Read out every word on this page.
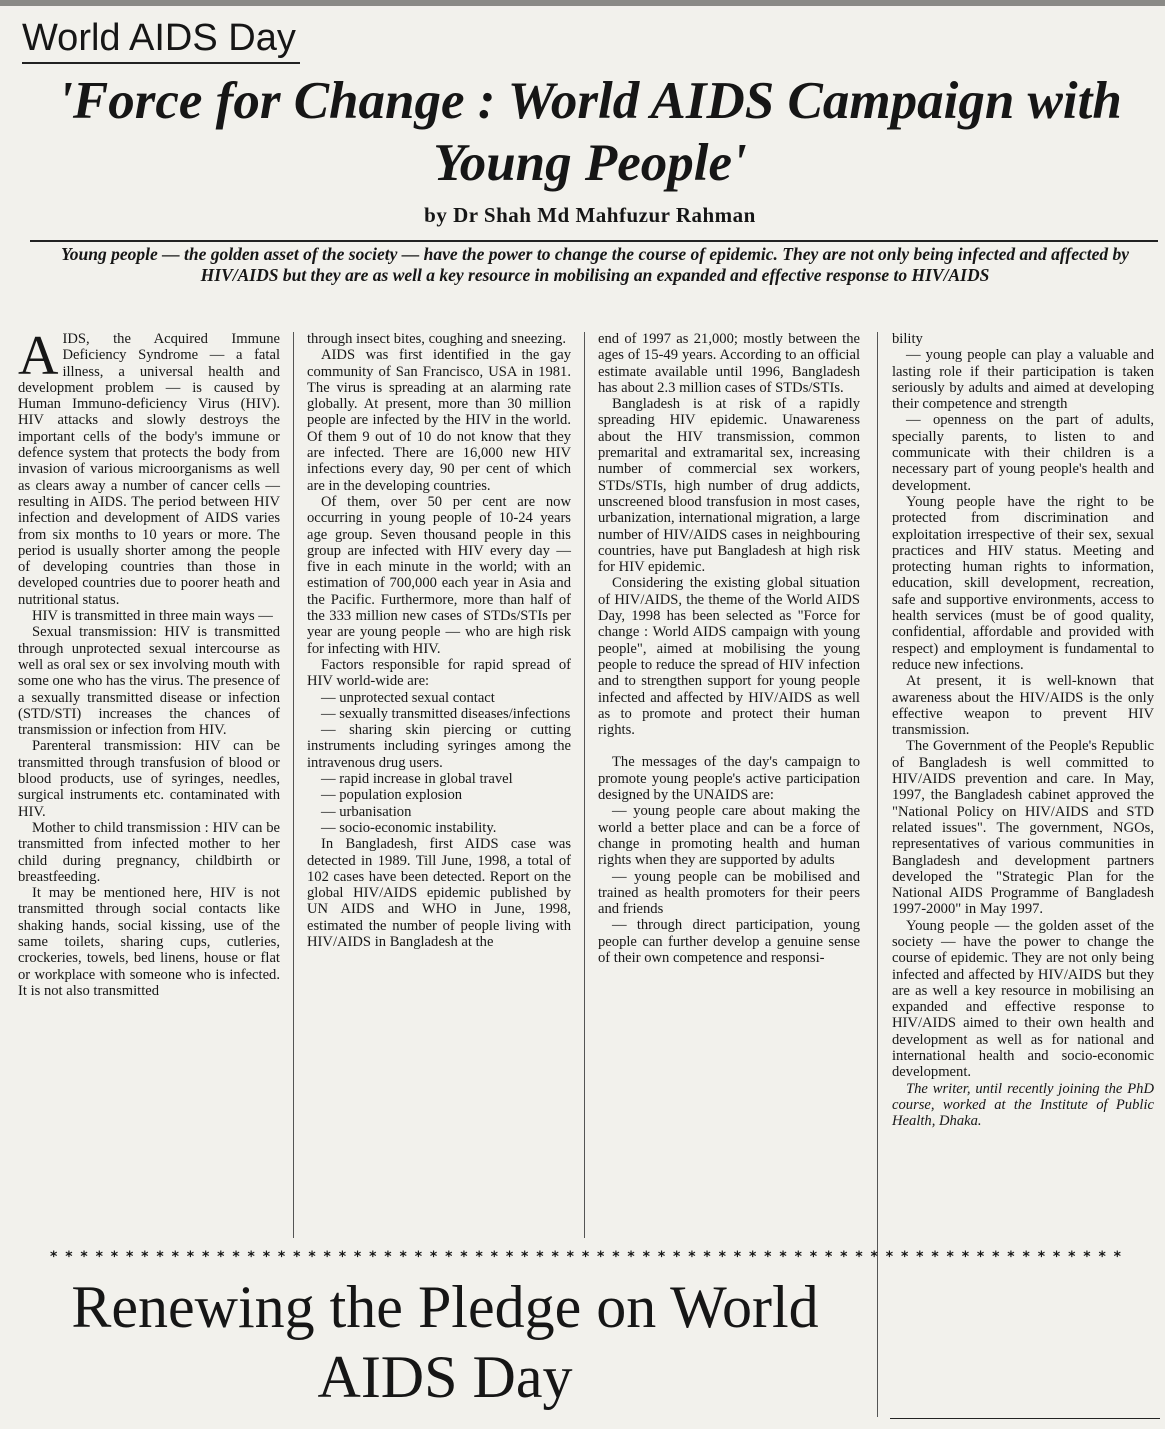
World AIDS Day
'Force for Change : World AIDS Campaign with Young People'
by Dr Shah Md Mahfuzur Rahman
Young people — the golden asset of the society — have the power to change the course of epidemic. They are not only being infected and affected by HIV/AIDS but they are as well a key resource in mobilising an expanded and effective response to HIV/AIDS

AIDS, the Acquired Immune Deficiency Syndrome — a fatal illness, a universal health and development problem — is caused by Human Immuno-deficiency Virus (HIV). HIV attacks and slowly destroys the important cells of the body's immune or defence system that protects the body from invasion of various microorganisms as well as clears away a number of cancer cells — resulting in AIDS. The period between HIV infection and development of AIDS varies from six months to 10 years or more. The period is usually shorter among the people of developing countries than those in developed countries due to poorer heath and nutritional status.

HIV is transmitted in three main ways —

Sexual transmission: HIV is transmitted through unprotected sexual intercourse as well as oral sex or sex involving mouth with some one who has the virus. The presence of a sexually transmitted disease or infection (STD/STI) increases the chances of transmission or infection from HIV.

Parenteral transmission: HIV can be transmitted through transfusion of blood or blood products, use of syringes, needles, surgical instruments etc. contaminated with HIV.

Mother to child transmission : HIV can be transmitted from infected mother to her child during pregnancy, childbirth or breastfeeding.

It may be mentioned here, HIV is not transmitted through social contacts like shaking hands, social kissing, use of the same toilets, sharing cups, cutleries, crockeries, towels, bed linens, house or flat or workplace with someone who is infected. It is not also transmitted

through insect bites, coughing and sneezing.

AIDS was first identified in the gay community of San Francisco, USA in 1981. The virus is spreading at an alarming rate globally. At present, more than 30 million people are infected by the HIV in the world. Of them 9 out of 10 do not know that they are infected. There are 16,000 new HIV infections every day, 90 per cent of which are in the developing countries.

Of them, over 50 per cent are now occurring in young people of 10-24 years age group. Seven thousand people in this group are infected with HIV every day — five in each minute in the world; with an estimation of 700,000 each year in Asia and the Pacific. Furthermore, more than half of the 333 million new cases of STDs/STIs per year are young people — who are high risk for infecting with HIV.

Factors responsible for rapid spread of HIV world-wide are:

— unprotected sexual contact

— sexually transmitted diseases/infections

— sharing skin piercing or cutting instruments including syringes among the intravenous drug users.

— rapid increase in global travel

— population explosion

— urbanisation

— socio-economic instability.

In Bangladesh, first AIDS case was detected in 1989. Till June, 1998, a total of 102 cases have been detected. Report on the global HIV/AIDS epidemic published by UN AIDS and WHO in June, 1998, estimated the number of people living with HIV/AIDS in Bangladesh at the

end of 1997 as 21,000; mostly between the ages of 15-49 years. According to an official estimate available until 1996, Bangladesh has about 2.3 million cases of STDs/STIs.

Bangladesh is at risk of a rapidly spreading HIV epidemic. Unawareness about the HIV transmission, common premarital and extramarital sex, increasing number of commercial sex workers, STDs/STIs, high number of drug addicts, unscreened blood transfusion in most cases, urbanization, international migration, a large number of HIV/AIDS cases in neighbouring countries, have put Bangladesh at high risk for HIV epidemic.

Considering the existing global situation of HIV/AIDS, the theme of the World AIDS Day, 1998 has been selected as "Force for change : World AIDS campaign with young people", aimed at mobilising the young people to reduce the spread of HIV infection and to strengthen support for young people infected and affected by HIV/AIDS as well as to promote and protect their human rights.

The messages of the day's campaign to promote young people's active participation designed by the UNAIDS are:

— young people care about making the world a better place and can be a force of change in promoting health and human rights when they are supported by adults

— young people can be mobilised and trained as health promoters for their peers and friends

— through direct participation, young people can further develop a genuine sense of their own competence and responsi-

bility

— young people can play a valuable and lasting role if their participation is taken seriously by adults and aimed at developing their competence and strength

— openness on the part of adults, specially parents, to listen to and communicate with their children is a necessary part of young people's health and development.

Young people have the right to be protected from discrimination and exploitation irrespective of their sex, sexual practices and HIV status. Meeting and protecting human rights to information, education, skill development, recreation, safe and supportive environments, access to health services (must be of good quality, confidential, affordable and provided with respect) and employment is fundamental to reduce new infections.

At present, it is well-known that awareness about the HIV/AIDS is the only effective weapon to prevent HIV transmission.

The Government of the People's Republic of Bangladesh is well committed to HIV/AIDS prevention and care. In May, 1997, the Bangladesh cabinet approved the "National Policy on HIV/AIDS and STD related issues". The government, NGOs, representatives of various communities in Bangladesh and development partners developed the "Strategic Plan for the National AIDS Programme of Bangladesh 1997-2000" in May 1997.

Young people — the golden asset of the society — have the power to change the course of epidemic. They are not only being infected and affected by HIV/AIDS but they are as well a key resource in mobilising an expanded and effective response to HIV/AIDS aimed to their own health and development as well as for national and international health and socio-economic development.

The writer, until recently joining the PhD course, worked at the Institute of Public Health, Dhaka.

* * * * * * * * * * * * * * * * * * * * * * * * * * * * * * * * * * * * * * * * * * * * * * * * * * * * * * * * * * * * * * * * * * * * * * *
Renewing the Pledge on World AIDS Day
